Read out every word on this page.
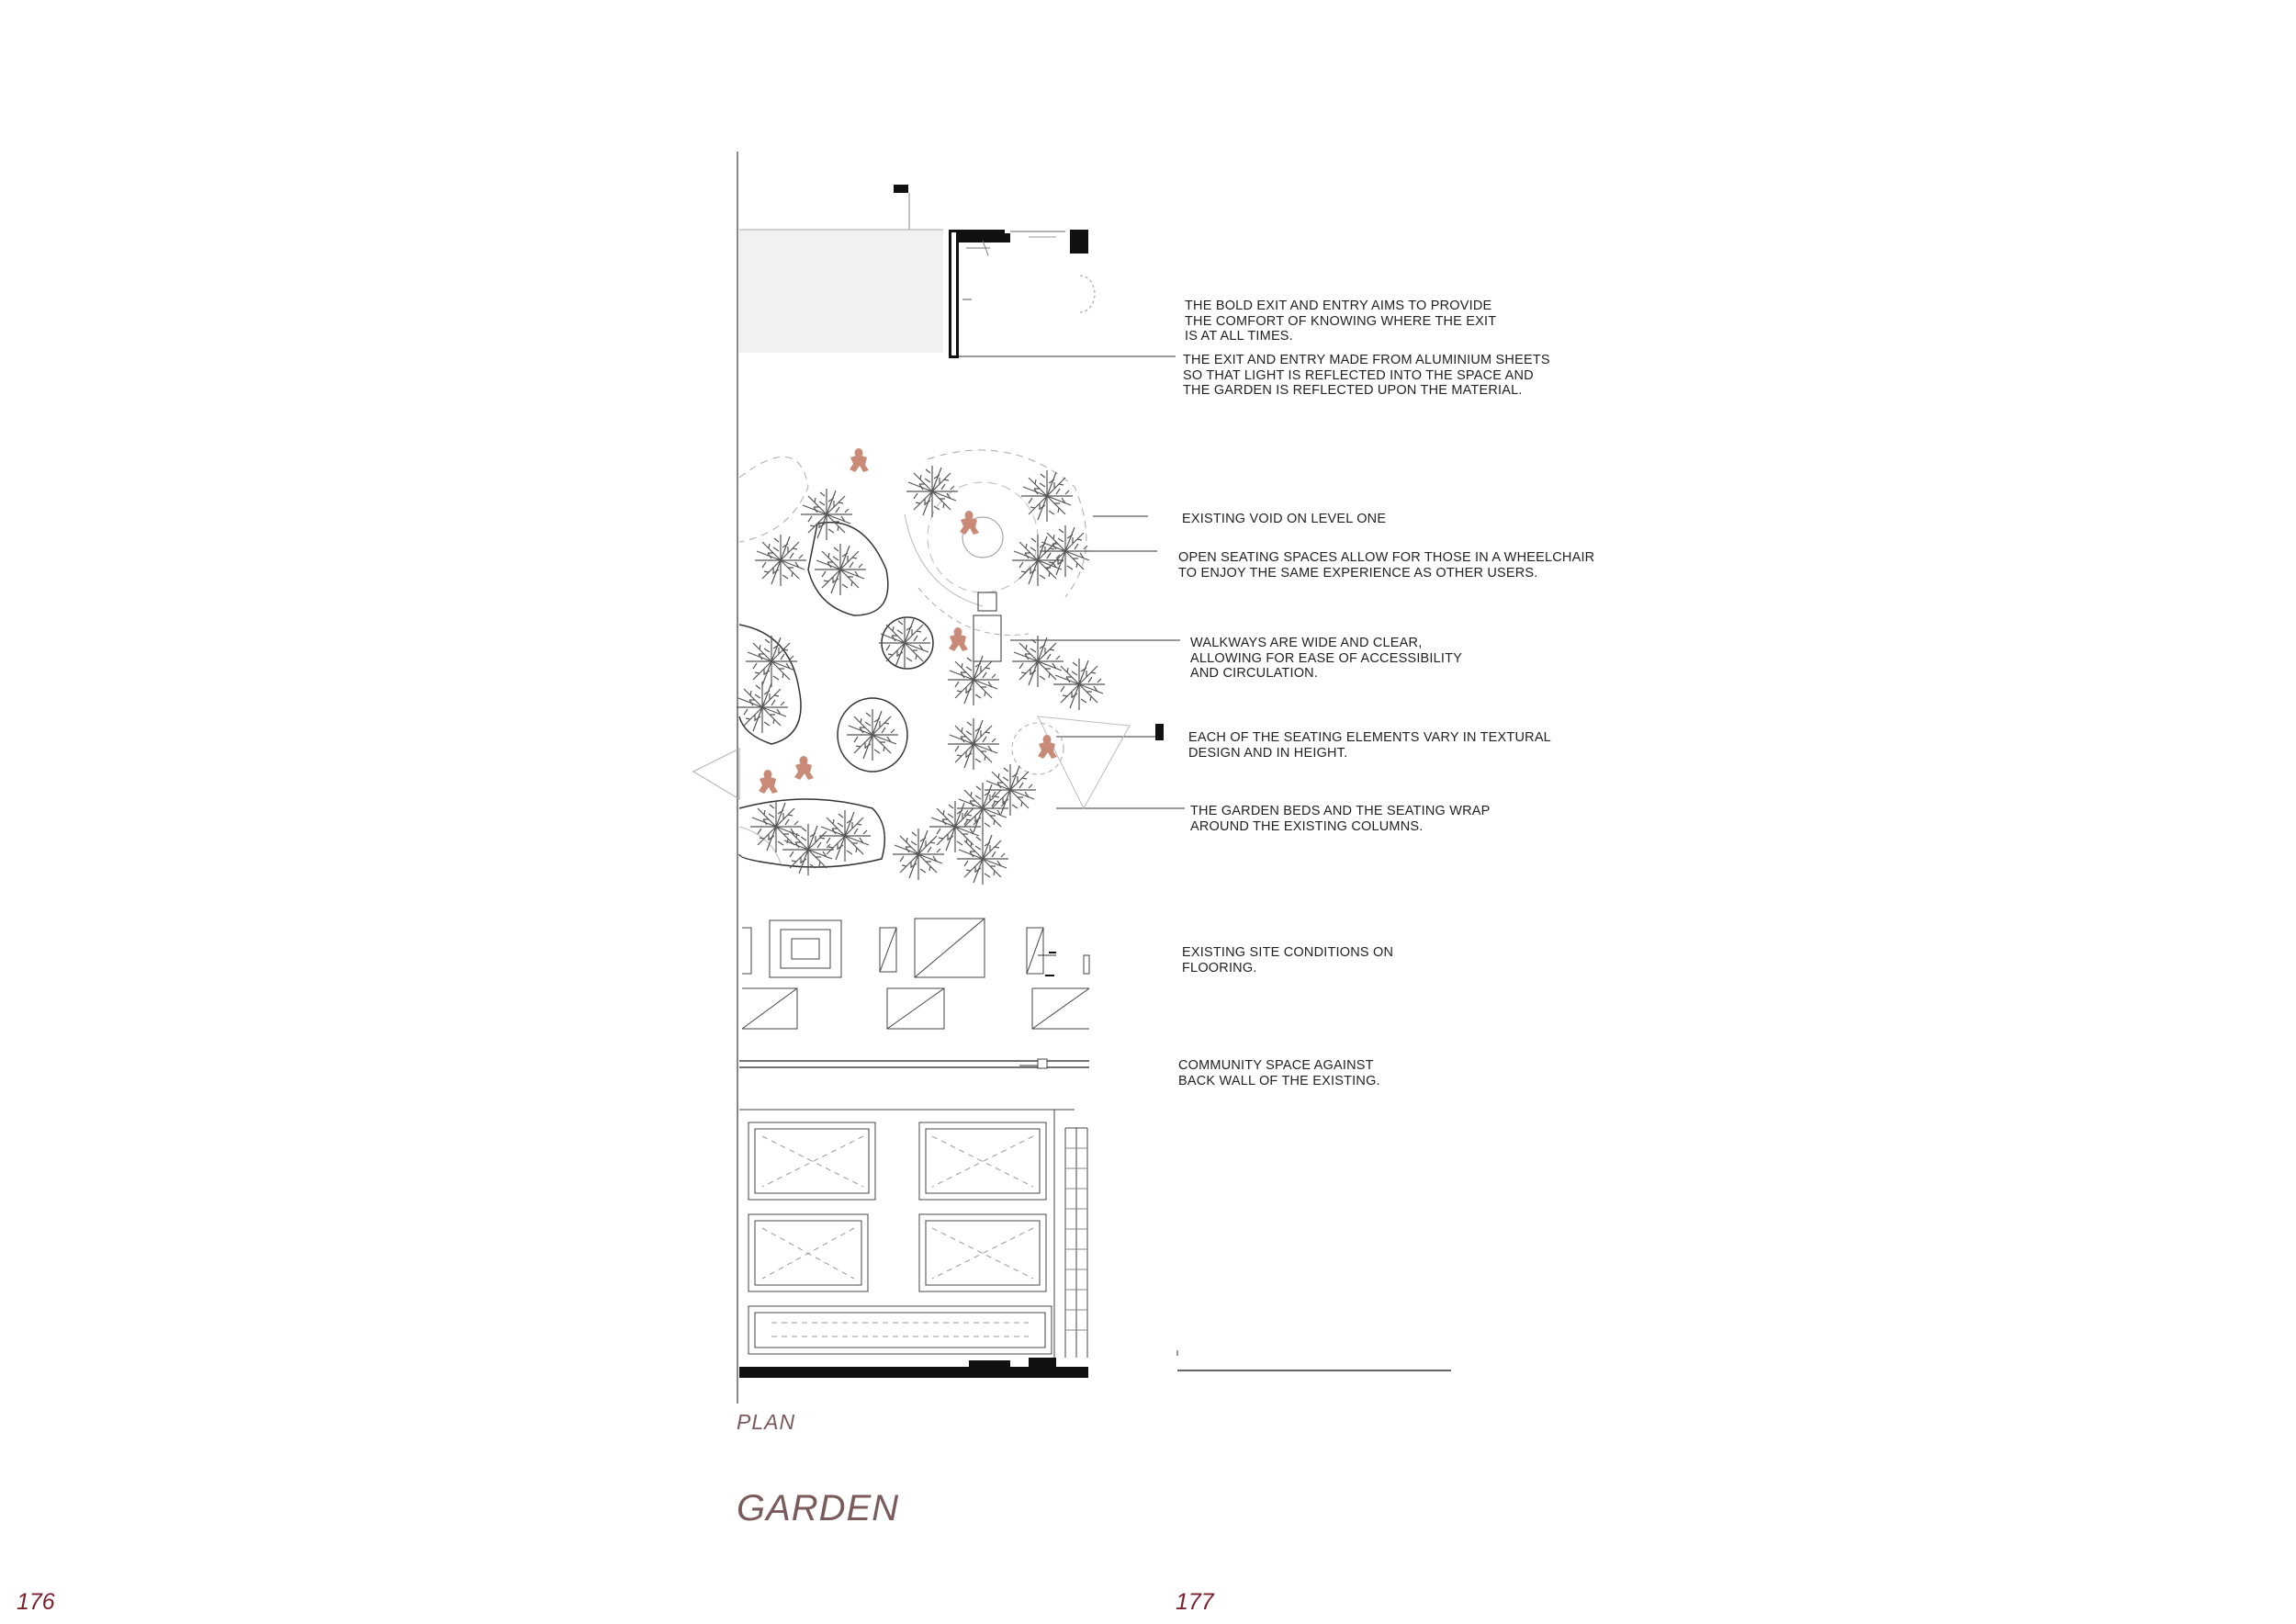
THE BOLD EXIT AND ENTRY AIMS TO PROVIDE
THE COMFORT OF KNOWING WHERE THE EXIT
IS AT ALL TIMES.
THE EXIT AND ENTRY MADE FROM ALUMINIUM SHEETS
SO THAT LIGHT IS REFLECTED INTO THE SPACE AND
THE GARDEN IS REFLECTED UPON THE MATERIAL.
EXISTING VOID ON LEVEL ONE
OPEN SEATING SPACES ALLOW FOR THOSE IN A WHEELCHAIR
TO ENJOY THE SAME EXPERIENCE AS OTHER USERS.
WALKWAYS ARE WIDE AND CLEAR,
ALLOWING FOR EASE OF ACCESSIBILITY
AND CIRCULATION.
EACH OF THE SEATING ELEMENTS VARY IN TEXTURAL
DESIGN AND IN HEIGHT.
THE GARDEN BEDS AND THE SEATING WRAP
AROUND THE EXISTING COLUMNS.
EXISTING SITE CONDITIONS ON
FLOORING.
COMMUNITY SPACE AGAINST
BACK WALL OF THE EXISTING.
PLAN
GARDEN
176	177
